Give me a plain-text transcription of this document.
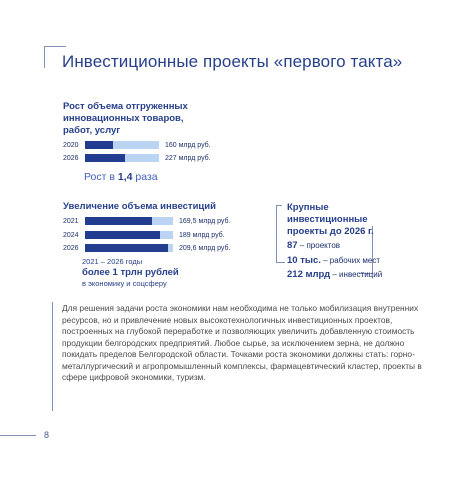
Инвестиционные проекты «первого такта»
Рост объема отгруженных
инновационных товаров,
работ, услуг
2020	160 млрд руб.
2026	227 млрд руб.
Рост в 1,4 раза
Увеличение объема инвестиций
2021	169,5 млрд руб.
2024	189 млрд руб.
2026	209,6 млрд руб.
2021 – 2026 годы
более 1 трлн рублей
в экономику и соцсферу
Крупные
инвестиционные
проекты до 2026 г.
87 – проектов
10 тыс. – рабочих мест
212 млрд – инвестиций
Для решения задачи роста экономики нам необходима не только мобилизация внутренних ресурсов, но и привлечение новых высокотехнологичных инвестиционных проектов, построенных на глубокой переработке и позволяющих увеличить добавленную стоимость продукции белгородских предприятий. Любое сырье, за исключением зерна, не должно покидать пределов Белгородской области. Точками роста экономики должны стать: горно-металлургический и агропромышленный комплексы, фармацевтический кластер, проекты в сфере цифровой экономики, туризм.
8
